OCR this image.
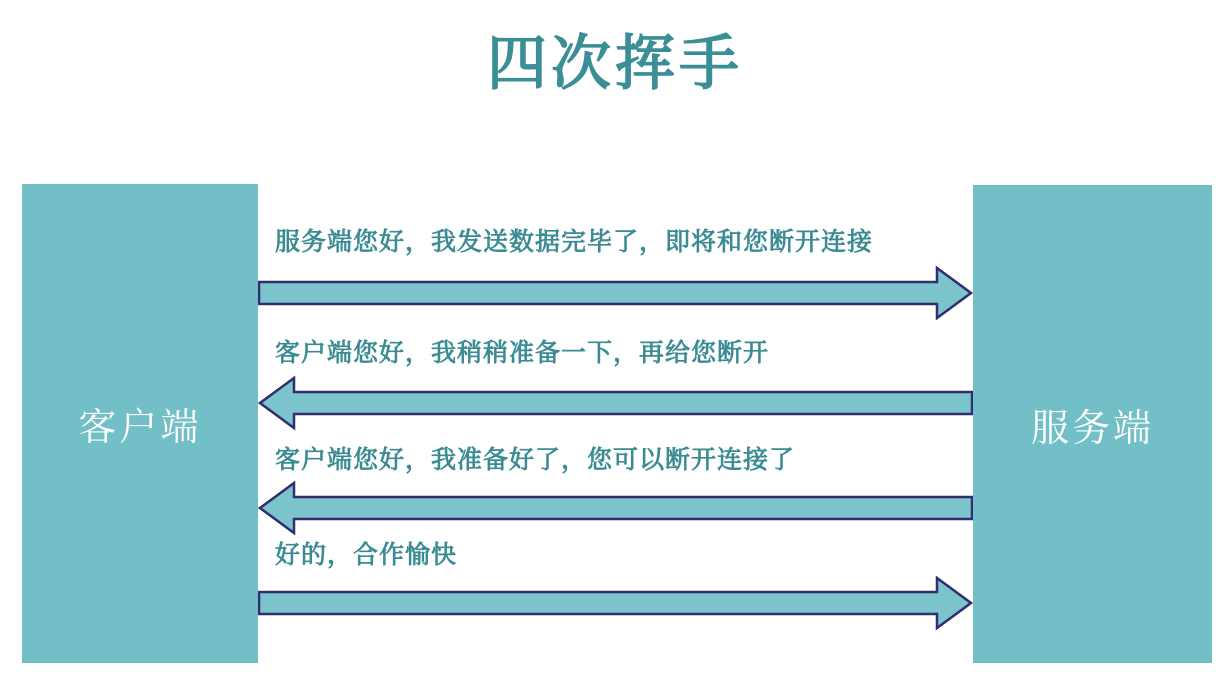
四次挥手
客户端	服务端
服务端您好，我发送数据完毕了，即将和您断开连接
客户端您好，我稍稍准备一下，再给您断开
客户端您好，我准备好了，您可以断开连接了
好的，合作愉快
